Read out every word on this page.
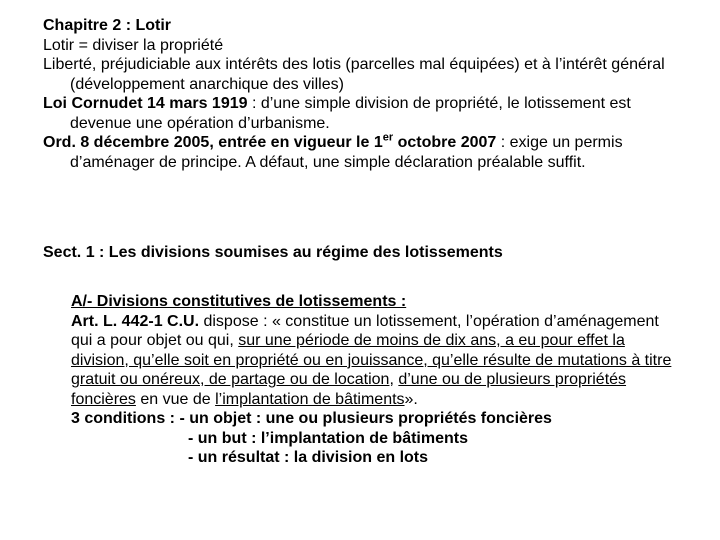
Chapitre 2 : Lotir

Lotir = diviser la propriété

Liberté, préjudiciable aux intérêts des lotis (parcelles mal équipées) et à l’intérêt général (développement anarchique des villes)

Loi Cornudet 14 mars 1919 : d’une simple division de propriété, le lotissement est devenue une opération d’urbanisme.

Ord. 8 décembre 2005, entrée en vigueur le 1er octobre 2007 : exige un permis d’aménager de principe. A défaut, une simple déclaration préalable suffit.

Sect. 1 : Les divisions soumises au régime des lotissements

A/- Divisions constitutives de lotissements :

Art. L. 442-1 C.U. dispose : « constitue un lotissement, l’opération d’aménagement qui a pour objet ou qui, sur une période de moins de dix ans, a eu pour effet la division, qu’elle soit en propriété ou en jouissance, qu’elle résulte de mutations à titre gratuit ou onéreux, de partage ou de location, d’une ou de plusieurs propriétés foncières en vue de l’implantation de bâtiments».

3 conditions : - un objet : une ou plusieurs propriétés foncières

- un but : l’implantation de bâtiments

- un résultat : la division en lots
